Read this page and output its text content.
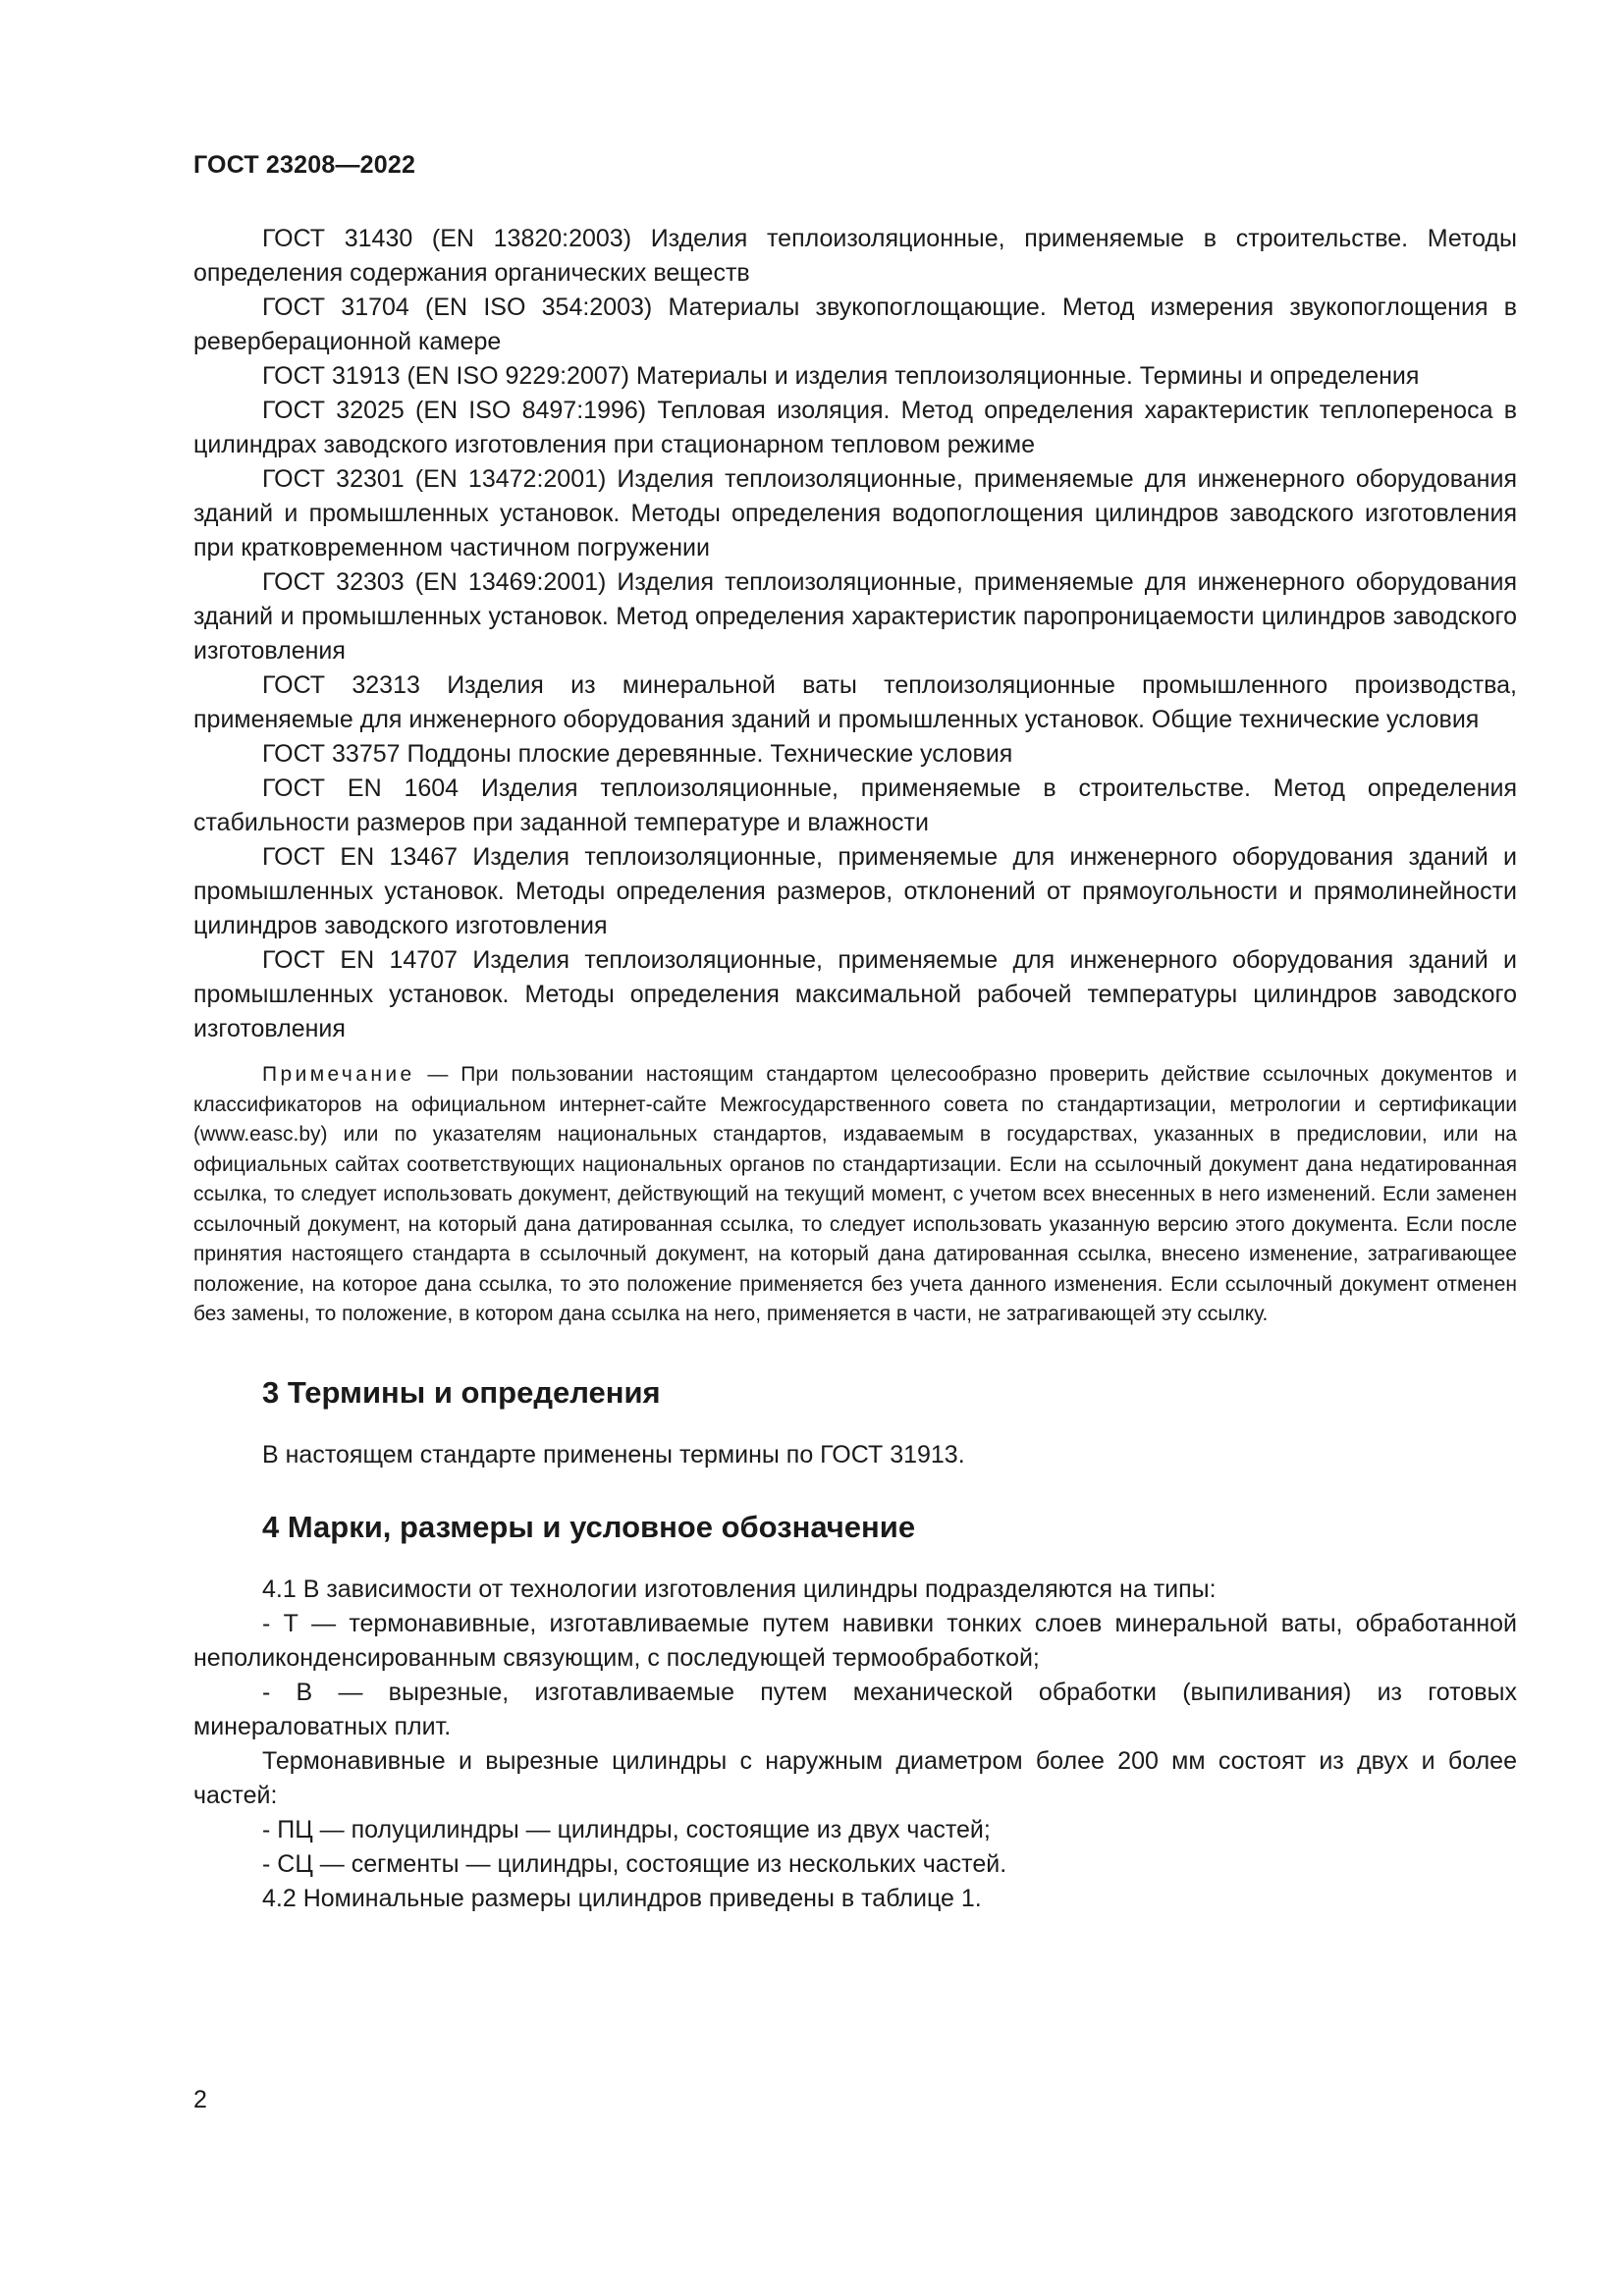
ГОСТ 23208—2022

ГОСТ 31430 (EN 13820:2003) Изделия теплоизоляционные, применяемые в строительстве. Методы определения содержания органических веществ

ГОСТ 31704 (EN ISO 354:2003) Материалы звукопоглощающие. Метод измерения звукопоглощения в реверберационной камере

ГОСТ 31913 (EN ISO 9229:2007) Материалы и изделия теплоизоляционные. Термины и определения

ГОСТ 32025 (EN ISO 8497:1996) Тепловая изоляция. Метод определения характеристик теплопереноса в цилиндрах заводского изготовления при стационарном тепловом режиме

ГОСТ 32301 (EN 13472:2001) Изделия теплоизоляционные, применяемые для инженерного оборудования зданий и промышленных установок. Методы определения водопоглощения цилиндров заводского изготовления при кратковременном частичном погружении

ГОСТ 32303 (EN 13469:2001) Изделия теплоизоляционные, применяемые для инженерного оборудования зданий и промышленных установок. Метод определения характеристик паропроницаемости цилиндров заводского изготовления

ГОСТ 32313 Изделия из минеральной ваты теплоизоляционные промышленного производства, применяемые для инженерного оборудования зданий и промышленных установок. Общие технические условия

ГОСТ 33757 Поддоны плоские деревянные. Технические условия

ГОСТ EN 1604 Изделия теплоизоляционные, применяемые в строительстве. Метод определения стабильности размеров при заданной температуре и влажности

ГОСТ EN 13467 Изделия теплоизоляционные, применяемые для инженерного оборудования зданий и промышленных установок. Методы определения размеров, отклонений от прямоугольности и прямолинейности цилиндров заводского изготовления

ГОСТ EN 14707 Изделия теплоизоляционные, применяемые для инженерного оборудования зданий и промышленных установок. Методы определения максимальной рабочей температуры цилиндров заводского изготовления

Примечание — При пользовании настоящим стандартом целесообразно проверить действие ссылочных документов и классификаторов на официальном интернет-сайте Межгосударственного совета по стандартизации, метрологии и сертификации (www.easc.by) или по указателям национальных стандартов, издаваемым в государствах, указанных в предисловии, или на официальных сайтах соответствующих национальных органов по стандартизации. Если на ссылочный документ дана недатированная ссылка, то следует использовать документ, действующий на текущий момент, с учетом всех внесенных в него изменений. Если заменен ссылочный документ, на который дана датированная ссылка, то следует использовать указанную версию этого документа. Если после принятия настоящего стандарта в ссылочный документ, на который дана датированная ссылка, внесено изменение, затрагивающее положение, на которое дана ссылка, то это положение применяется без учета данного изменения. Если ссылочный документ отменен без замены, то положение, в котором дана ссылка на него, применяется в части, не затрагивающей эту ссылку.

3 Термины и определения

В настоящем стандарте применены термины по ГОСТ 31913.

4 Марки, размеры и условное обозначение

4.1 В зависимости от технологии изготовления цилиндры подразделяются на типы:

- Т — термонавивные, изготавливаемые путем навивки тонких слоев минеральной ваты, обработанной неполиконденсированным связующим, с последующей термообработкой;

- В — вырезные, изготавливаемые путем механической обработки (выпиливания) из готовых минераловатных плит.

Термонавивные и вырезные цилиндры с наружным диаметром более 200 мм состоят из двух и более частей:

- ПЦ — полуцилиндры — цилиндры, состоящие из двух частей;

- СЦ — сегменты — цилиндры, состоящие из нескольких частей.

4.2 Номинальные размеры цилиндров приведены в таблице 1.

2
